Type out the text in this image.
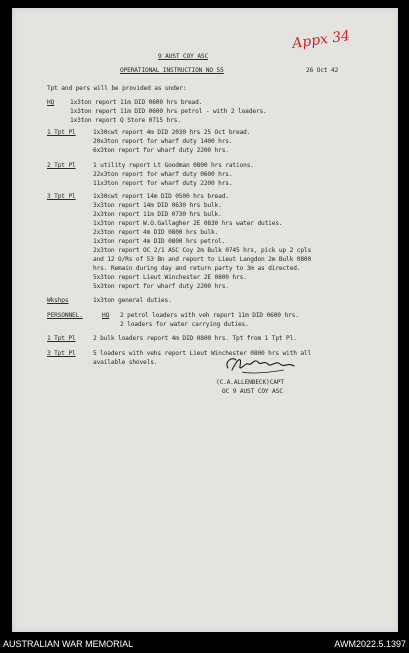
Appx 34
9 AUST COY ASC
OPERATIONAL INSTRUCTION NO 55	26 Oct 42
Tpt and pers will be provided as under:
HQ	1x3ton report 11m DID 0600 hrs bread.
1x3ton report 11m DID 0600 hrs petrol - with 2 loaders.
1x3ton report Q Store 0715 hrs.
1 Tpt Pl	1x30cwt report 4m DID 2030 hrs 25 Oct bread.
20x3ton report for wharf duty 1400 hrs.
6x3ton report for wharf duty 2200 hrs.
2 Tpt Pl	1 utility report Lt Goodman 0800 hrs rations.
22x3ton report for wharf duty 0600 hrs.
11x3ton report for wharf duty 2200 hrs.
3 Tpt Pl	1x30cwt report 14m DID 0500 hrs bread.
3x3ton report 14m DID 0630 hrs bulk.
2x3ton report 11m DID 0730 hrs bulk.
1x3ton report W.O.Gallagher 2E 0830 hrs water duties.
2x3ton report 4m DID 0800 hrs bulk.
1x3ton report 4m DID 0800 hrs petrol.
2x3ton report OC 2/1 ASC Coy 2m Bulk 0745 hrs, pick up 2 cpls
and 12 O/Rs of 53 Bn and report to Lieut Langdon 2m Bulk 0800
hrs. Remain during day and return party to 3m as directed.
5x3ton report Lieut Winchester 2E 0800 hrs.
5x3ton report for wharf duty 2200 hrs.
Wkshps	1x3ton general duties.
PERSONNEL.	HQ 2 petrol loaders with veh report 11m DID 0600 hrs.
2 loaders for water carrying duties.
1 Tpt Pl	2 bulk loaders report 4m DID 0800 hrs. Tpt from 1 Tpt Pl.
3 Tpt Pl	5 loaders with vehs report Lieut Winchester 0800 hrs with all
available shovels.
(C.A.ALLENBECK)CAPT
OC 9 AUST COY ASC
AUSTRALIAN WAR MEMORIAL	AWM2022.5.1397
